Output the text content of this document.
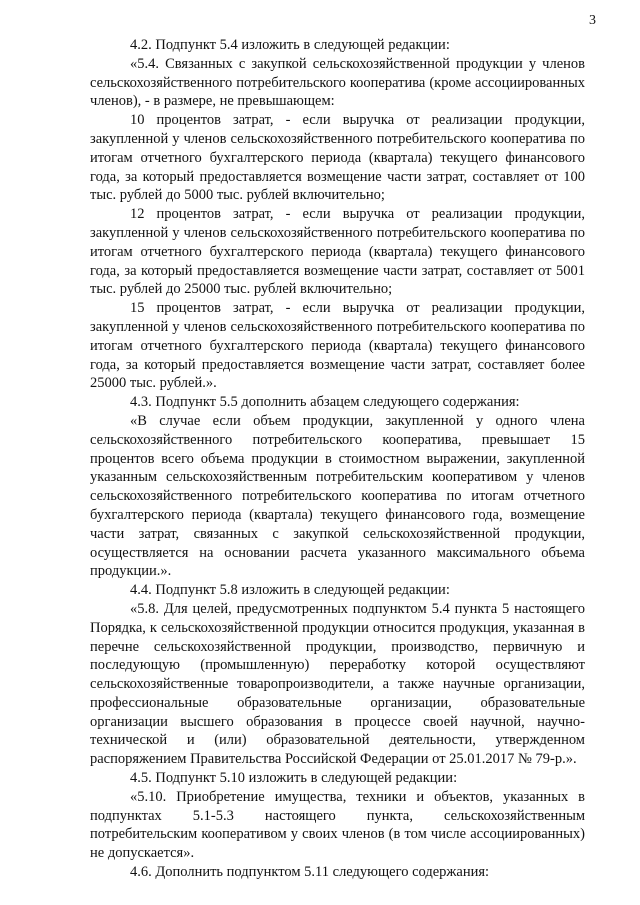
3

4.2. Подпункт 5.4 изложить в следующей редакции:

«5.4. Связанных с закупкой сельскохозяйственной продукции у членов сельскохозяйственного потребительского кооператива (кроме ассоциированных членов), - в размере, не превышающем:

10 процентов затрат, - если выручка от реализации продукции, закупленной у членов сельскохозяйственного потребительского кооператива по итогам отчетного бухгалтерского периода (квартала) текущего финансового года, за который предоставляется возмещение части затрат, составляет от 100 тыс. рублей до 5000 тыс. рублей включительно;

12 процентов затрат, - если выручка от реализации продукции, закупленной у членов сельскохозяйственного потребительского кооператива по итогам отчетного бухгалтерского периода (квартала) текущего финансового года, за который предоставляется возмещение части затрат, составляет от 5001 тыс. рублей до 25000 тыс. рублей включительно;

15 процентов затрат, - если выручка от реализации продукции, закупленной у членов сельскохозяйственного потребительского кооператива по итогам отчетного бухгалтерского периода (квартала) текущего финансового года, за который предоставляется возмещение части затрат, составляет более 25000 тыс. рублей.».

4.3. Подпункт 5.5 дополнить абзацем следующего содержания:

«В случае если объем продукции, закупленной у одного члена сельскохозяйственного потребительского кооператива, превышает 15 процентов всего объема продукции в стоимостном выражении, закупленной указанным сельскохозяйственным потребительским кооперативом у членов сельскохозяйственного потребительского кооператива по итогам отчетного бухгалтерского периода (квартала) текущего финансового года, возмещение части затрат, связанных с закупкой сельскохозяйственной продукции, осуществляется на основании расчета указанного максимального объема продукции.».

4.4. Подпункт 5.8 изложить в следующей редакции:

«5.8. Для целей, предусмотренных подпунктом 5.4 пункта 5 настоящего Порядка, к сельскохозяйственной продукции относится продукция, указанная в перечне сельскохозяйственной продукции, производство, первичную и последующую (промышленную) переработку которой осуществляют сельскохозяйственные товаропроизводители, а также научные организации, профессиональные образовательные организации, образовательные организации высшего образования в процессе своей научной, научно-технической и (или) образовательной деятельности, утвержденном распоряжением Правительства Российской Федерации от 25.01.2017 № 79-р.».

4.5. Подпункт 5.10 изложить в следующей редакции:

«5.10. Приобретение имущества, техники и объектов, указанных в подпунктах 5.1-5.3 настоящего пункта, сельскохозяйственным потребительским кооперативом у своих членов (в том числе ассоциированных) не допускается».

4.6. Дополнить подпунктом 5.11 следующего содержания:
